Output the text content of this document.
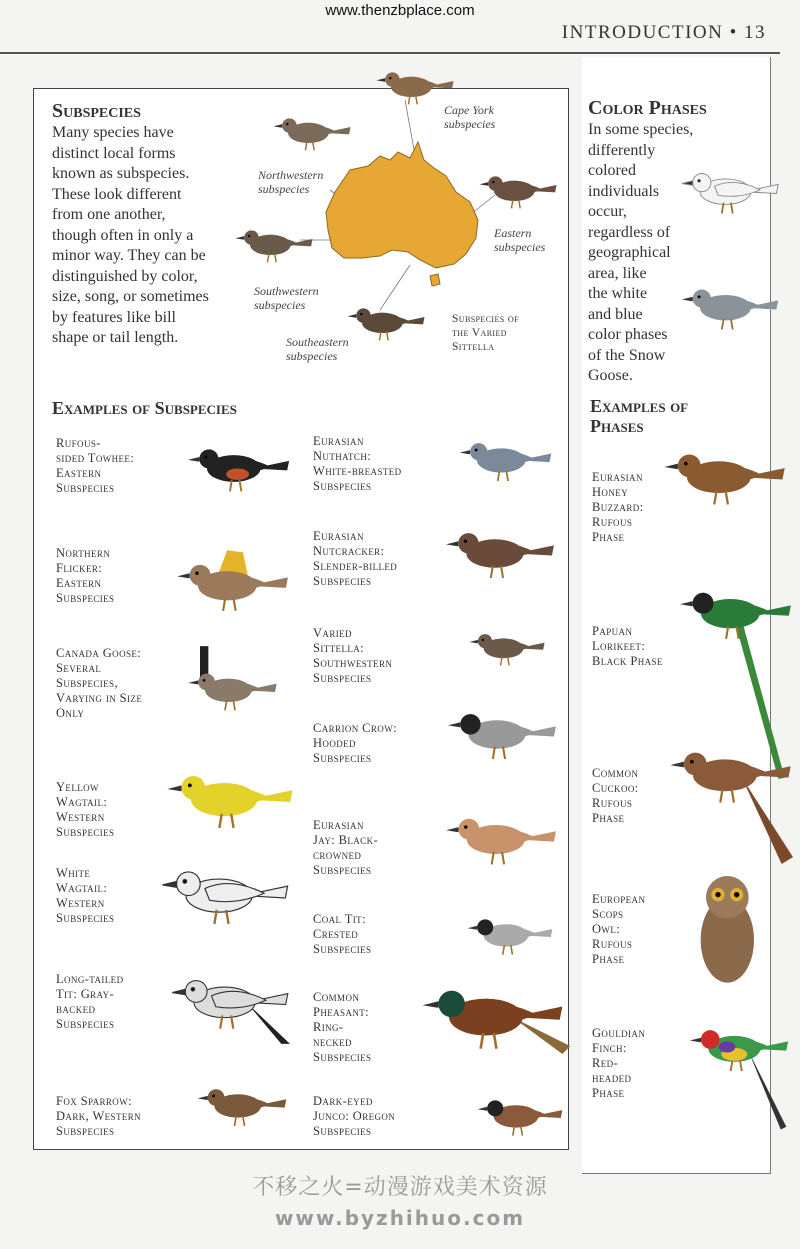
www.thenzbplace.com
INTRODUCTION • 13
Subspecies
Many species have
distinct local forms
known as subspecies.
These look different
from one another,
though often in only a
minor way. They can be
distinguished by color,
size, song, or sometimes
by features like bill
shape or tail length.
Cape York
subspecies
Northwestern
subspecies
Eastern
subspecies
Southwestern
subspecies
Southeastern
subspecies
Subspecies of
the Varied
Sittella
Examples of Subspecies
Rufous-
sided Towhee:
Eastern
Subspecies
Northern
Flicker:
Eastern
Subspecies
Canada Goose:
Several
Subspecies,
Varying in Size
Only
Yellow
Wagtail:
Western
Subspecies
White
Wagtail:
Western
Subspecies
Long-tailed
Tit: Gray-
backed
Subspecies
Fox Sparrow:
Dark, Western
Subspecies
Eurasian
Nuthatch:
White-breasted
Subspecies
Eurasian
Nutcracker:
Slender-billed
Subspecies
Varied
Sittella:
Southwestern
Subspecies
Carrion Crow:
Hooded
Subspecies
Eurasian
Jay: Black-
crowned
Subspecies
Coal Tit:
Crested
Subspecies
Common
Pheasant:
Ring-
necked
Subspecies
Dark-eyed
Junco: Oregon
Subspecies
Color Phases
In some species,
differently
colored
individuals
occur,
regardless of
geographical
area, like
the white
and blue
color phases
of the Snow
Goose.
Examples of
Phases
Eurasian
Honey
Buzzard:
Rufous
Phase
Papuan
Lorikeet:
Black Phase
Common
Cuckoo:
Rufous
Phase
European
Scops
Owl:
Rufous
Phase
Gouldian
Finch:
Red-
headed
Phase
不移之火=动漫游戏美术资源
www.byzhihuo.com
